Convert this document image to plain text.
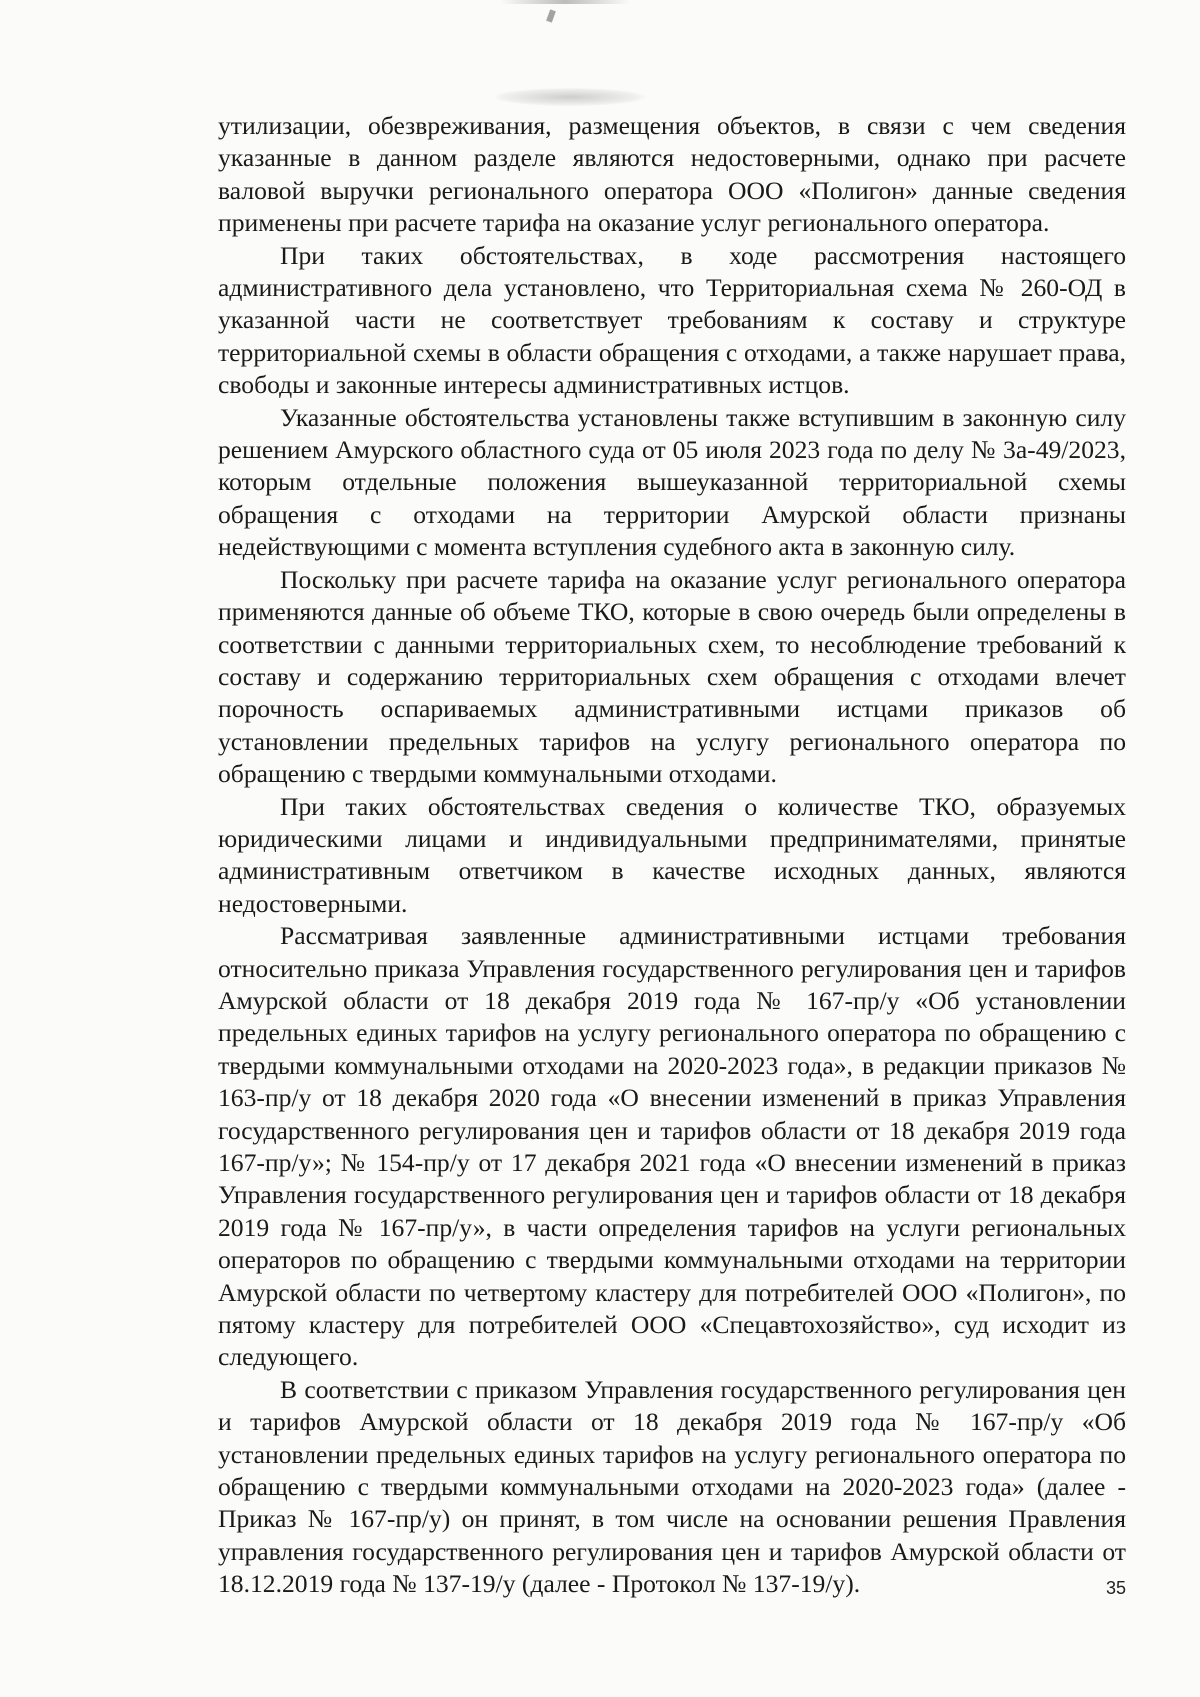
утилизации, обезвреживания, размещения объектов, в связи с чем сведения указанные в данном разделе являются недостоверными, однако при расчете валовой выручки регионального оператора ООО «Полигон» данные сведения применены при расчете тарифа на оказание услуг регионального оператора.

При таких обстоятельствах, в ходе рассмотрения настоящего административного дела установлено, что Территориальная схема № 260-ОД в указанной части не соответствует требованиям к составу и структуре территориальной схемы в области обращения с отходами, а также нарушает права, свободы и законные интересы административных истцов.

Указанные обстоятельства установлены также вступившим в законную силу решением Амурского областного суда от 05 июля 2023 года по делу № 3а-49/2023, которым отдельные положения вышеуказанной территориальной схемы обращения с отходами на территории Амурской области признаны недействующими с момента вступления судебного акта в законную силу.

Поскольку при расчете тарифа на оказание услуг регионального оператора применяются данные об объеме ТКО, которые в свою очередь были определены в соответствии с данными территориальных схем, то несоблюдение требований к составу и содержанию территориальных схем обращения с отходами влечет порочность оспариваемых административными истцами приказов об установлении предельных тарифов на услугу регионального оператора по обращению с твердыми коммунальными отходами.

При таких обстоятельствах сведения о количестве ТКО, образуемых юридическими лицами и индивидуальными предпринимателями, принятые административным ответчиком в качестве исходных данных, являются недостоверными.

Рассматривая заявленные административными истцами требования относительно приказа Управления государственного регулирования цен и тарифов Амурской области от 18 декабря 2019 года № 167-пр/у «Об установлении предельных единых тарифов на услугу регионального оператора по обращению с твердыми коммунальными отходами на 2020-2023 года», в редакции приказов № 163-пр/у от 18 декабря 2020 года «О внесении изменений в приказ Управления государственного регулирования цен и тарифов области от 18 декабря 2019 года 167-пр/у»; № 154-пр/у от 17 декабря 2021 года «О внесении изменений в приказ Управления государственного регулирования цен и тарифов области от 18 декабря 2019 года № 167-пр/у», в части определения тарифов на услуги региональных операторов по обращению с твердыми коммунальными отходами на территории Амурской области по четвертому кластеру для потребителей ООО «Полигон», по пятому кластеру для потребителей ООО «Спецавтохозяйство», суд исходит из следующего.

В соответствии с приказом Управления государственного регулирования цен и тарифов Амурской области от 18 декабря 2019 года № 167-пр/у «Об установлении предельных единых тарифов на услугу регионального оператора по обращению с твердыми коммунальными отходами на 2020-2023 года» (далее - Приказ № 167-пр/у) он принят, в том числе на основании решения Правления управления государственного регулирования цен и тарифов Амурской области от 18.12.2019 года № 137-19/у (далее - Протокол № 137-19/у).	35
